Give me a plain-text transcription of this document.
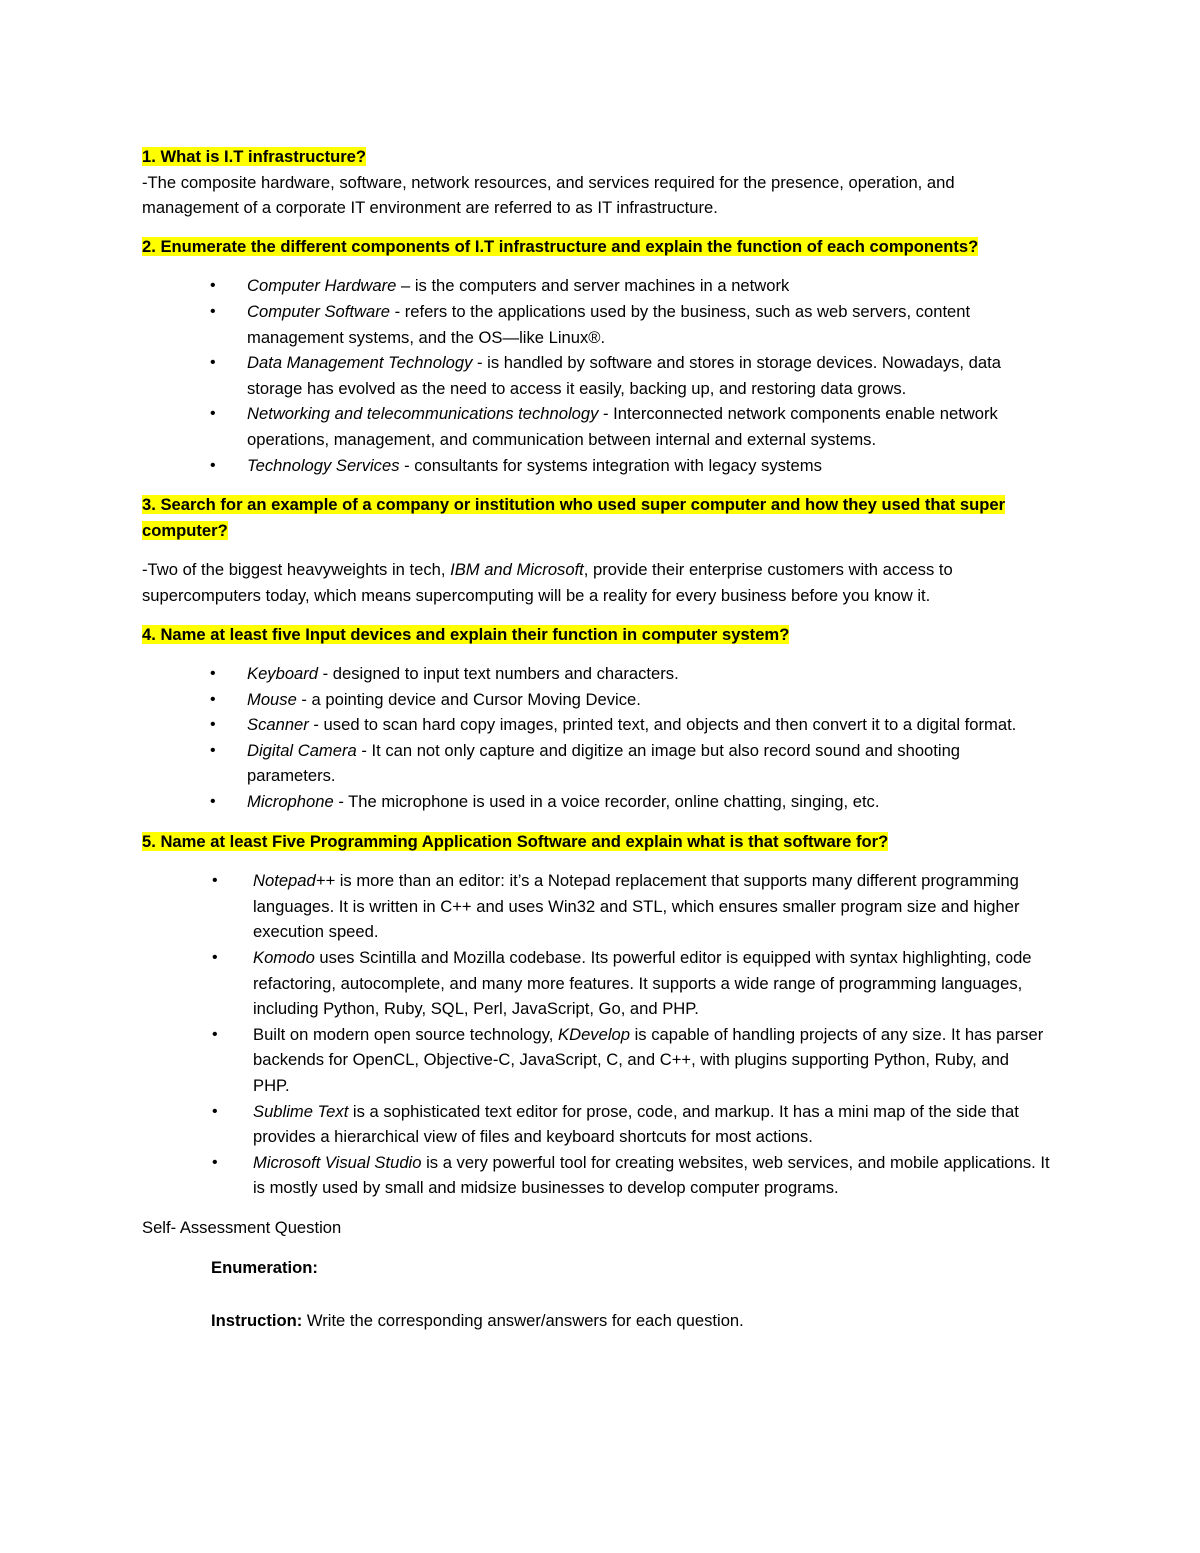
1. What is I.T infrastructure?

-The composite hardware, software, network resources, and services required for the presence, operation, and management of a corporate IT environment are referred to as IT infrastructure.

2. Enumerate the different components of I.T infrastructure and explain the function of each components?

• Computer Hardware – is the computers and server machines in a network
• Computer Software - refers to the applications used by the business, such as web servers, content management systems, and the OS—like Linux®.
• Data Management Technology - is handled by software and stores in storage devices. Nowadays, data storage has evolved as the need to access it easily, backing up, and restoring data grows.
• Networking and telecommunications technology - Interconnected network components enable network operations, management, and communication between internal and external systems.
• Technology Services - consultants for systems integration with legacy systems

3. Search for an example of a company or institution who used super computer and how they used that super computer?

-Two of the biggest heavyweights in tech, IBM and Microsoft, provide their enterprise customers with access to supercomputers today, which means supercomputing will be a reality for every business before you know it.

4. Name at least five Input devices and explain their function in computer system?

• Keyboard - designed to input text numbers and characters.
• Mouse - a pointing device and Cursor Moving Device.
• Scanner - used to scan hard copy images, printed text, and objects and then convert it to a digital format.
• Digital Camera - It can not only capture and digitize an image but also record sound and shooting parameters.
• Microphone - The microphone is used in a voice recorder, online chatting, singing, etc.

5. Name at least Five Programming Application Software and explain what is that software for?

• Notepad++ is more than an editor: it’s a Notepad replacement that supports many different programming languages. It is written in C++ and uses Win32 and STL, which ensures smaller program size and higher execution speed.
• Komodo uses Scintilla and Mozilla codebase. Its powerful editor is equipped with syntax highlighting, code refactoring, autocomplete, and many more features. It supports a wide range of programming languages, including Python, Ruby, SQL, Perl, JavaScript, Go, and PHP.
• Built on modern open source technology, KDevelop is capable of handling projects of any size. It has parser backends for OpenCL, Objective-C, JavaScript, C, and C++, with plugins supporting Python, Ruby, and PHP.
• Sublime Text is a sophisticated text editor for prose, code, and markup. It has a mini map of the side that provides a hierarchical view of files and keyboard shortcuts for most actions.
• Microsoft Visual Studio is a very powerful tool for creating websites, web services, and mobile applications. It is mostly used by small and midsize businesses to develop computer programs.

Self- Assessment Question

Enumeration:

Instruction: Write the corresponding answer/answers for each question.
